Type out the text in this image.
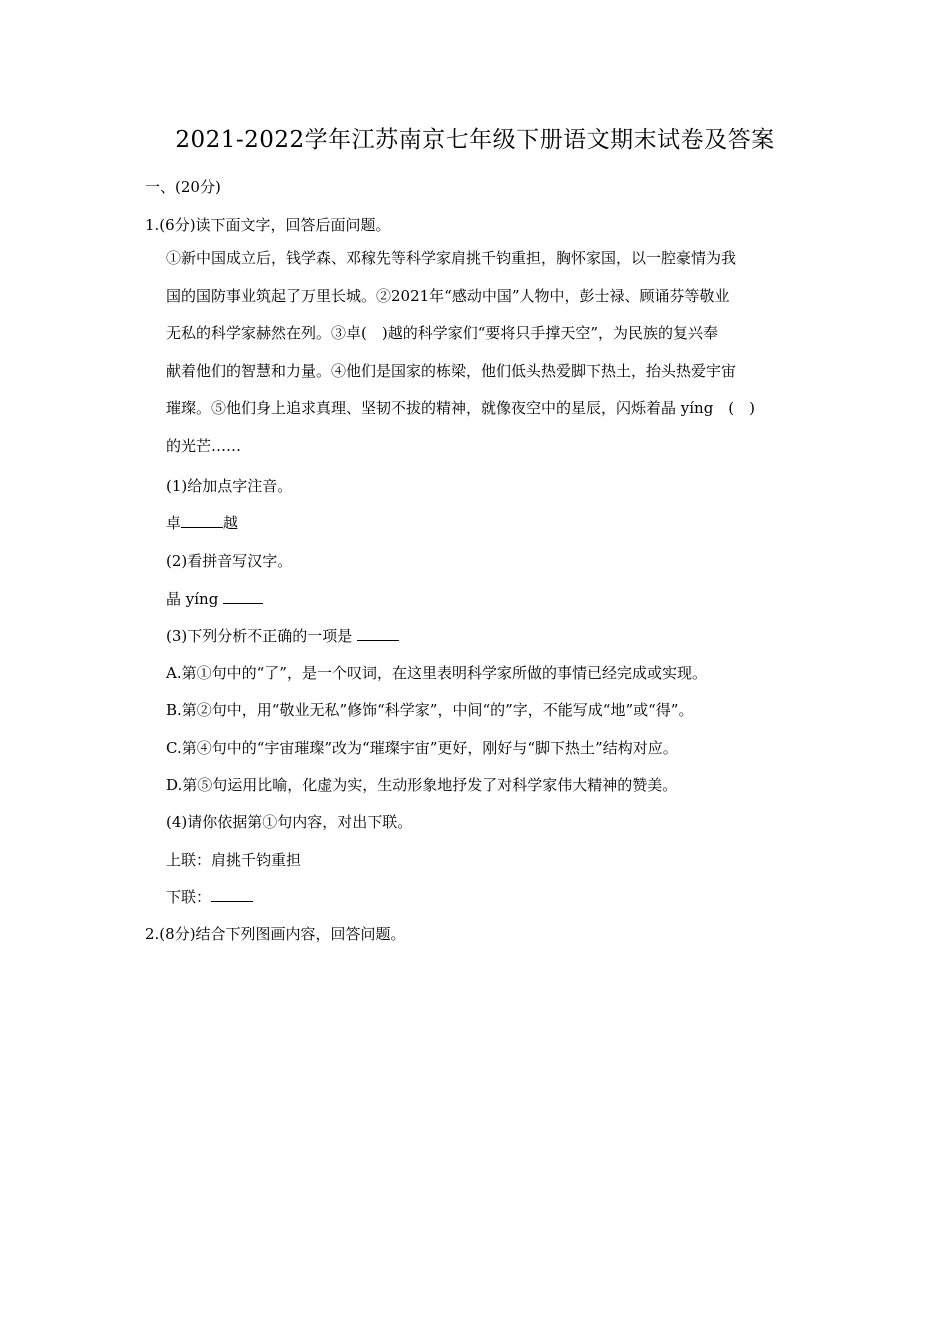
2021-2022学年江苏南京七年级下册语文期末试卷及答案
一、(20分)
1.(6分)读下面文字，回答后面问题。
①新中国成立后，钱学森、邓稼先等科学家肩挑千钧重担，胸怀家国，以一腔豪情为我
国的国防事业筑起了万里长城。②2021年“感动中国”人物中，彭士禄、顾诵芬等敬业
无私的科学家赫然在列。③卓(　)越的科学家们“要将只手撑天空”，为民族的复兴奉
献着他们的智慧和力量。④他们是国家的栋梁，他们低头热爱脚下热土，抬头热爱宇宙
璀璨。⑤他们身上追求真理、坚韧不拔的精神，就像夜空中的星辰，闪烁着晶 yíng　(　)
的光芒……
(1)给加点字注音。
卓	越
(2)看拼音写汉字。
晶 yíng
(3)下列分析不正确的一项是
A.第①句中的“了”，是一个叹词，在这里表明科学家所做的事情已经完成或实现。
B.第②句中，用“敬业无私”修饰“科学家”，中间“的”字，不能写成“地”或“得”。
C.第④句中的“宇宙璀璨”改为“璀璨宇宙”更好，刚好与“脚下热土”结构对应。
D.第⑤句运用比喻，化虚为实，生动形象地抒发了对科学家伟大精神的赞美。
(4)请你依据第①句内容，对出下联。
上联：肩挑千钧重担
下联：
2.(8分)结合下列图画内容，回答问题。
